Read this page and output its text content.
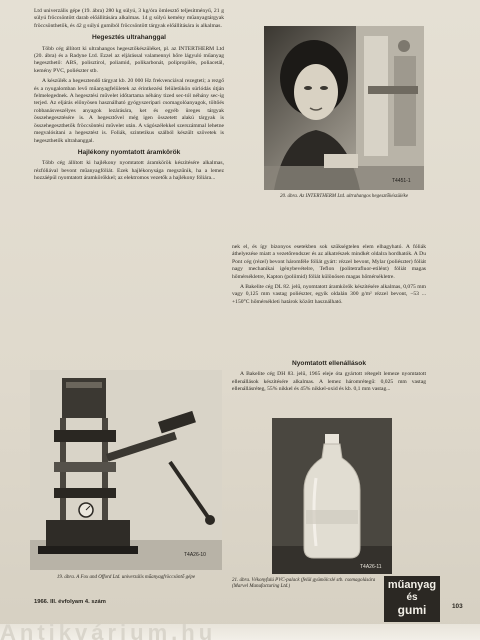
Ltd univerzális gépe (19. ábra) 280 kg súlyú, 3 kg/óra ömlesztő teljesítményű, 21 g súlyú fröccsöntött darab előállítására alkalmas. 14 g súlyú kemény műanyagtárgyak fröccsönthetők, és 42 g súlyú gumiból fröccsöntött tárgyak előállítására is alkalmas.

Hegesztés ultrahanggal

Több cég állított ki ultrahangos hegesztőkészüléket, pl. az INTERTHERM Ltd (20. ábra) és a Radyne Ltd. Ezzel az eljárással valamennyi hőre lágyuló műanyag hegeszthető: ABS, polisztirol, poliamid, polikarbonát, polipropilén, poliacetál, kemény PVC, poliészter stb.

A készülék a hegesztendő tárgyat kb. 20 000 Hz frekvenciával rezegteti; a rezgő és a nyugalomban levő műanyagfelületek az érintkezési felületükön súrlódás útján felmelegednek. A hegesztési művelet időtartama néhány tized sec-tól néhány sec-ig terjed. Az eljárás előnyösen használható gyógyszeripari csomagolóanyagok, töltőés robbanásveszélyes anyagok lezárására, ket és egyéb üreges tárgyak összehegesztésére is. A hegesztővel még igen összetett alakú tárgyak is összehegeszthetők fröccsöntési művelet után. A vágószélekkel szerszámmal lehetne megvalósítani a hegesztést is. Foliák, szintetikus szálból készült szövetek is hegeszthetők ultrahanggal.

Hajlékony nyomtatott áramkörök

Több cég állított ki hajlékony nyomtatott áramkörök készítésére alkalmas, rézfóliával bevont műanyagfóliát. Ezek hajlékonysága megszűnik, ha a lemez hozzáépül nyomtatott áramkörökkel; az elektromos vezetők a hajlékony fóliára...	T4451-1
20. ábra. Az INTERTHERM Ltd. ultrahangos hegesztőkészüléke
T4A26-10
19. ábra. A Fox and Offord Ltd. univerzális műanyagfröccsöntő gépe

nek el, és így bizonyos esetekben sok szükségtelen elem elhagyható. A fóliák áthelyezése miatt a vezetőrendszer és az alkatrészek mindkét oldalra hordhatók. A Du Pont cég (rézel) bevont háromféle fóliát gyárt: rézzel bevont, Mylar (poliészter) fóliát nagy mechanikai igénybevételre, Teflon (politetrafluor-etilént) fóliát magas hőmérsékletre, Kapton (poliimid) fóliát különösen magas hőmérsékletre.

A Bakelite cég DL 82. jelű, nyomtatott áramkörök készítésére alkalmas, 0,075 mm vagy 0,125 mm vastag poliészter, egyik oldalán 300 g/m² rézzel bevont, −53 ... +150°C hőmérsékleti határok között használható.

Nyomtatott ellenállások

A Bakelite cég DH 83. jelű, 1965 eleje óta gyártott rétegelt lemeze nyomtatott ellenállások készítésére alkalmas. A lemez háromrétegű: 0,025 mm vastag ellenállásréteg, 55% nikkel és 45% nikkel-oxid és kb. 0,1 mm vastag...

T4A26-11
21. ábra. Vékonyfalú PVC-palack (felül gyümölcslé stb. csomagolására (Marvel Manufacturing Ltd.)
1966. III. évfolyam 4. szám
műanyag
és
gumi	103
Antikvárium.hu
